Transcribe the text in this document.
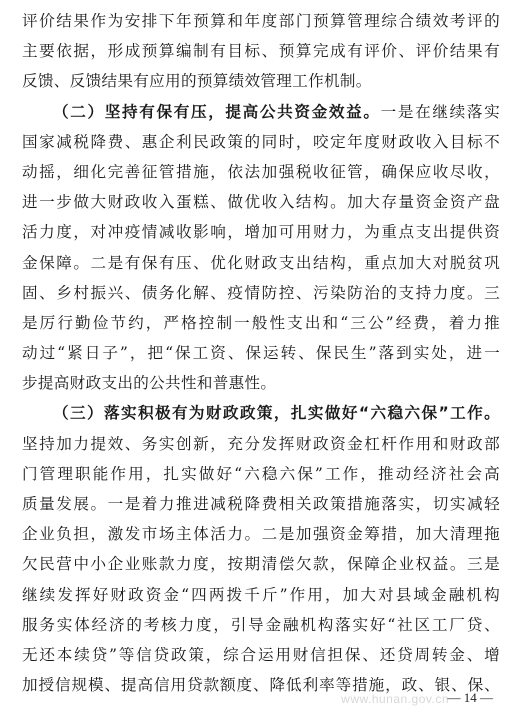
评价结果作为安排下年预算和年度部门预算管理综合绩效考评的
主要依据，形成预算编制有目标、预算完成有评价、评价结果有
反馈、反馈结果有应用的预算绩效管理工作机制。
（二）坚持有保有压，提高公共资金效益。一是在继续落实
国家减税降费、惠企利民政策的同时，咬定年度财政收入目标不
动摇，细化完善征管措施，依法加强税收征管，确保应收尽收，
进一步做大财政收入蛋糕、做优收入结构。加大存量资金资产盘
活力度，对冲疫情减收影响，增加可用财力，为重点支出提供资
金保障。二是有保有压、优化财政支出结构，重点加大对脱贫巩
固、乡村振兴、债务化解、疫情防控、污染防治的支持力度。三
是厉行勤俭节约，严格控制一般性支出和“三公”经费，着力推
动过“紧日子”，把“保工资、保运转、保民生”落到实处，进一
步提高财政支出的公共性和普惠性。
（三）落实积极有为财政政策，扎实做好“六稳六保”工作。
坚持加力提效、务实创新，充分发挥财政资金杠杆作用和财政部
门管理职能作用，扎实做好“六稳六保”工作，推动经济社会高
质量发展。一是着力推进减税降费相关政策措施落实，切实减轻
企业负担，激发市场主体活力。二是加强资金筹措，加大清理拖
欠民营中小企业账款力度，按期清偿欠款，保障企业权益。三是
继续发挥好财政资金“四两拨千斤”作用，加大对县域金融机构
服务实体经济的考核力度，引导金融机构落实好“社区工厂贷、
无还本续贷”等信贷政策，综合运用财信担保、还贷周转金、增
加授信规模、提高信用贷款额度、降低利率等措施，政、银、保、
www.hunan.gov.cn
— 14 —
